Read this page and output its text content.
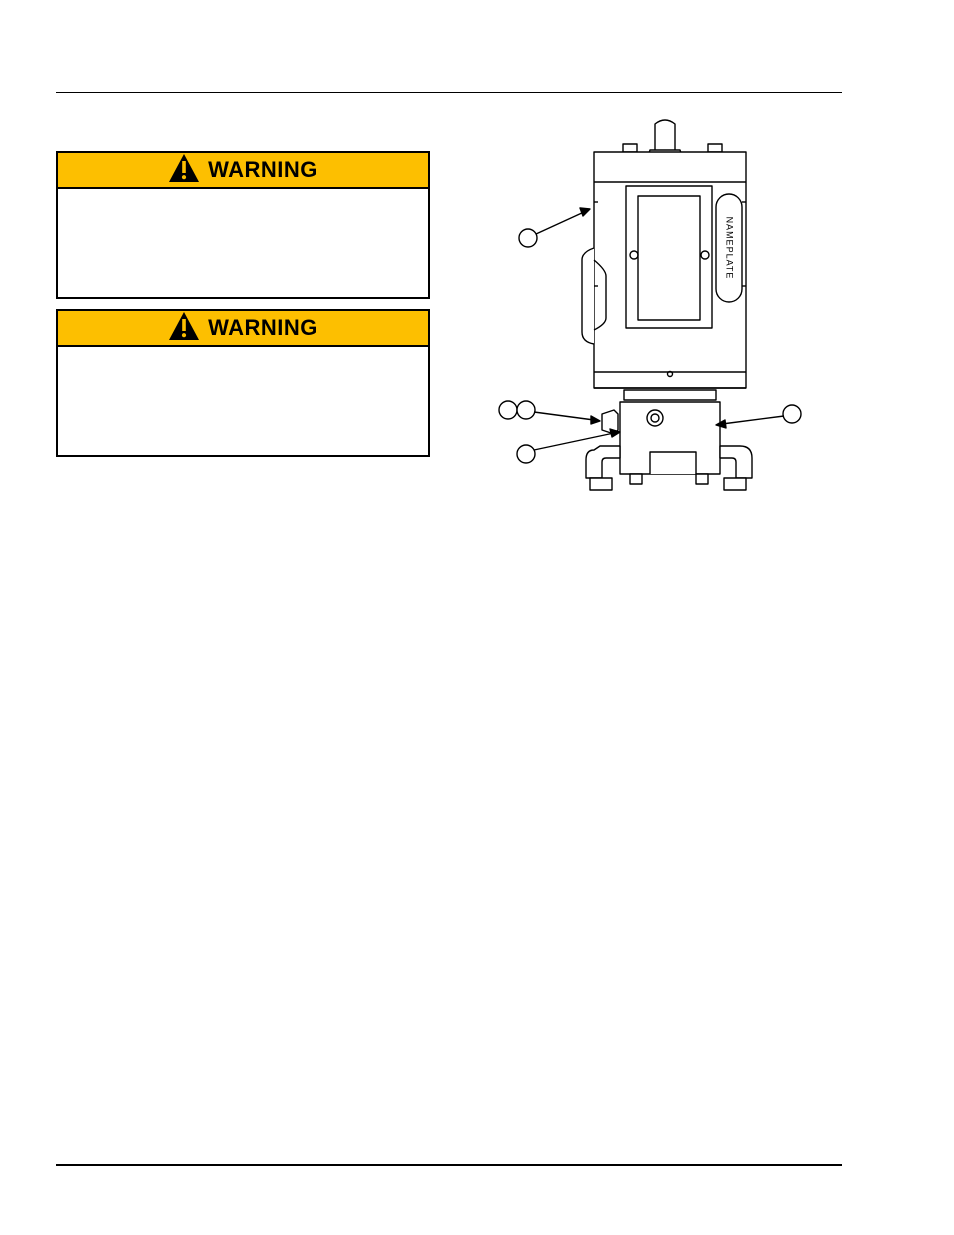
WARNING
WARNING
NAMEPLATE
